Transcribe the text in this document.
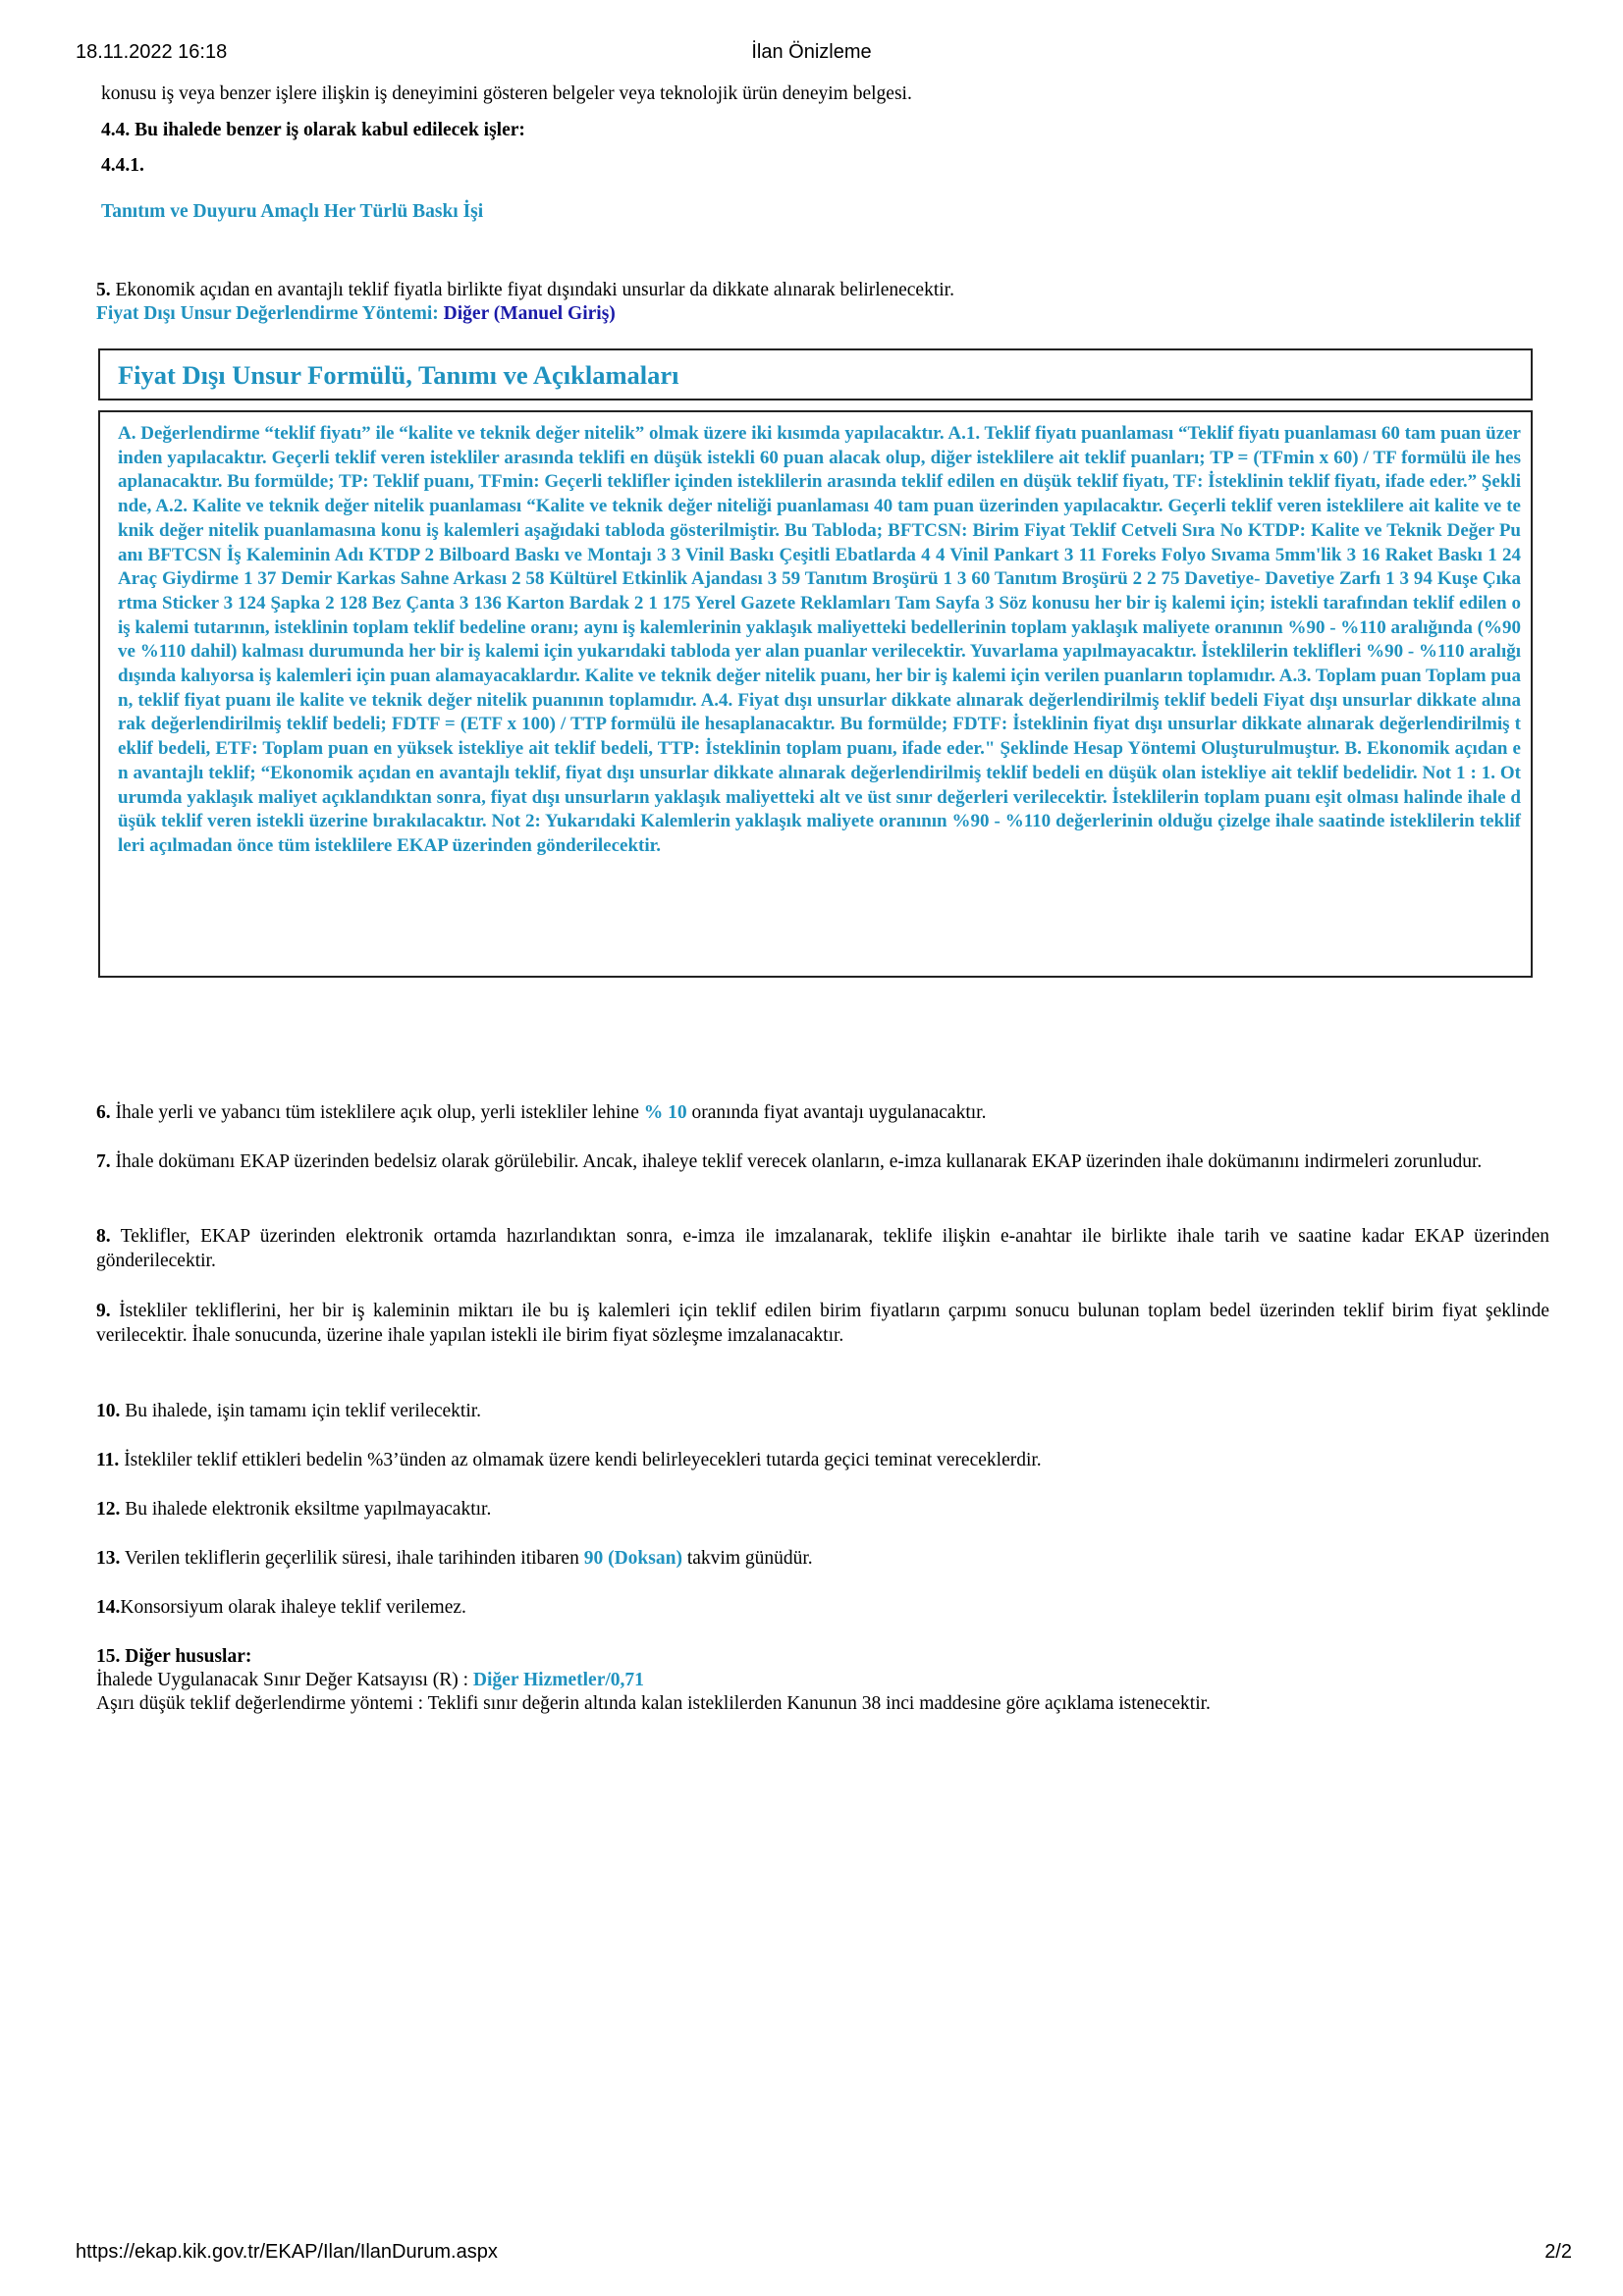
18.11.2022 16:18	İlan Önizleme
https://ekap.kik.gov.tr/EKAP/Ilan/IlanDurum.aspx	2/2
konusu iş veya benzer işlere ilişkin iş deneyimini gösteren belgeler veya teknolojik ürün deneyim belgesi.
4.4. Bu ihalede benzer iş olarak kabul edilecek işler:
4.4.1.
Tanıtım ve Duyuru Amaçlı Her Türlü Baskı İşi
5. Ekonomik açıdan en avantajlı teklif fiyatla birlikte fiyat dışındaki unsurlar da dikkate alınarak belirlenecektir.
Fiyat Dışı Unsur Değerlendirme Yöntemi: Diğer (Manuel Giriş)
Fiyat Dışı Unsur Formülü, Tanımı ve Açıklamaları
A. Değerlendirme “teklif fiyatı” ile “kalite ve teknik değer nitelik” olmak üzere iki kısımda yapılacaktır. A.1. Teklif fiyatı puanlaması “Teklif fiyatı puanlaması 60 tam puan üzerinden yapılacaktır. Geçerli teklif veren istekliler arasında teklifi en düşük istekli 60 puan alacak olup, diğer isteklilere ait teklif puanları; TP = (TFmin x 60) / TF formülü ile hesaplanacaktır. Bu formülde; TP: Teklif puanı, TFmin: Geçerli teklifler içinden isteklilerin arasında teklif edilen en düşük teklif fiyatı, TF: İsteklinin teklif fiyatı, ifade eder.” Şeklinde, A.2. Kalite ve teknik değer nitelik puanlaması “Kalite ve teknik değer niteliği puanlaması 40 tam puan üzerinden yapılacaktır. Geçerli teklif veren isteklilere ait kalite ve teknik değer nitelik puanlamasına konu iş kalemleri aşağıdaki tabloda gösterilmiştir. Bu Tabloda; BFTCSN: Birim Fiyat Teklif Cetveli Sıra No KTDP: Kalite ve Teknik Değer Puanı BFTCSN İş Kaleminin Adı KTDP 2 Bilboard Baskı ve Montajı 3 3 Vinil Baskı Çeşitli Ebatlarda 4 4 Vinil Pankart 3 11 Foreks Folyo Sıvama 5mm'lik 3 16 Raket Baskı 1 24 Araç Giydirme 1 37 Demir Karkas Sahne Arkası 2 58 Kültürel Etkinlik Ajandası 3 59 Tanıtım Broşürü 1 3 60 Tanıtım Broşürü 2 2 75 Davetiye- Davetiye Zarfı 1 3 94 Kuşe Çıkartma Sticker 3 124 Şapka 2 128 Bez Çanta 3 136 Karton Bardak 2 1 175 Yerel Gazete Reklamları Tam Sayfa 3 Söz konusu her bir iş kalemi için; istekli tarafından teklif edilen o iş kalemi tutarının, isteklinin toplam teklif bedeline oranı; aynı iş kalemlerinin yaklaşık maliyetteki bedellerinin toplam yaklaşık maliyete oranının %90 - %110 aralığında (%90 ve %110 dahil) kalması durumunda her bir iş kalemi için yukarıdaki tabloda yer alan puanlar verilecektir. Yuvarlama yapılmayacaktır. İsteklilerin teklifleri %90 - %110 aralığı dışında kalıyorsa iş kalemleri için puan alamayacaklardır. Kalite ve teknik değer nitelik puanı, her bir iş kalemi için verilen puanların toplamıdır. A.3. Toplam puan Toplam puan, teklif fiyat puanı ile kalite ve teknik değer nitelik puanının toplamıdır. A.4. Fiyat dışı unsurlar dikkate alınarak değerlendirilmiş teklif bedeli Fiyat dışı unsurlar dikkate alınarak değerlendirilmiş teklif bedeli; FDTF = (ETF x 100) / TTP formülü ile hesaplanacaktır. Bu formülde; FDTF: İsteklinin fiyat dışı unsurlar dikkate alınarak değerlendirilmiş teklif bedeli, ETF: Toplam puan en yüksek istekliye ait teklif bedeli, TTP: İsteklinin toplam puanı, ifade eder." Şeklinde Hesap Yöntemi Oluşturulmuştur. B. Ekonomik açıdan en avantajlı teklif; “Ekonomik açıdan en avantajlı teklif, fiyat dışı unsurlar dikkate alınarak değerlendirilmiş teklif bedeli en düşük olan istekliye ait teklif bedelidir. Not 1 : 1. Oturumda yaklaşık maliyet açıklandıktan sonra, fiyat dışı unsurların yaklaşık maliyetteki alt ve üst sınır değerleri verilecektir. İsteklilerin toplam puanı eşit olması halinde ihale düşük teklif veren istekli üzerine bırakılacaktır. Not 2: Yukarıdaki Kalemlerin yaklaşık maliyete oranının %90 - %110 değerlerinin olduğu çizelge ihale saatinde isteklilerin teklifleri açılmadan önce tüm isteklilere EKAP üzerinden gönderilecektir.
6. İhale yerli ve yabancı tüm isteklilere açık olup, yerli istekliler lehine % 10 oranında fiyat avantajı uygulanacaktır.
7. İhale dokümanı EKAP üzerinden bedelsiz olarak görülebilir. Ancak, ihaleye teklif verecek olanların, e-imza kullanarak EKAP üzerinden ihale dokümanını indirmeleri zorunludur.
8. Teklifler, EKAP üzerinden elektronik ortamda hazırlandıktan sonra, e-imza ile imzalanarak, teklife ilişkin e-anahtar ile birlikte ihale tarih ve saatine kadar EKAP üzerinden gönderilecektir.
9. İstekliler tekliflerini, her bir iş kaleminin miktarı ile bu iş kalemleri için teklif edilen birim fiyatların çarpımı sonucu bulunan toplam bedel üzerinden teklif birim fiyat şeklinde verilecektir. İhale sonucunda, üzerine ihale yapılan istekli ile birim fiyat sözleşme imzalanacaktır.
10. Bu ihalede, işin tamamı için teklif verilecektir.
11. İstekliler teklif ettikleri bedelin %3’ünden az olmamak üzere kendi belirleyecekleri tutarda geçici teminat vereceklerdir.
12. Bu ihalede elektronik eksiltme yapılmayacaktır.
13. Verilen tekliflerin geçerlilik süresi, ihale tarihinden itibaren 90 (Doksan) takvim günüdür.
14.Konsorsiyum olarak ihaleye teklif verilemez.
15. Diğer hususlar:
İhalede Uygulanacak Sınır Değer Katsayısı (R) : Diğer Hizmetler/0,71
Aşırı düşük teklif değerlendirme yöntemi : Teklifi sınır değerin altında kalan isteklilerden Kanunun 38 inci maddesine göre açıklama istenecektir.
